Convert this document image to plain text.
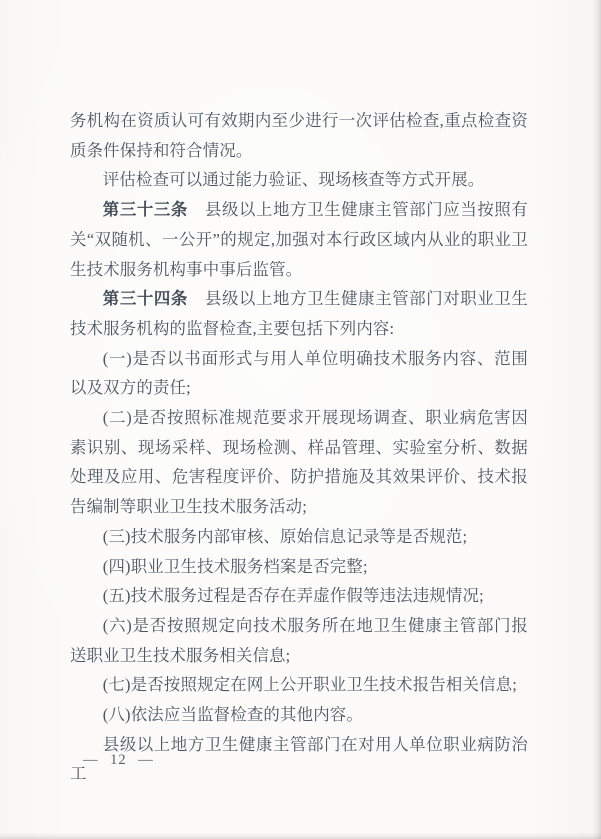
务机构在资质认可有效期内至少进行一次评估检查,重点检查资质条件保持和符合情况。

评估检查可以通过能力验证、现场核查等方式开展。

第三十三条　县级以上地方卫生健康主管部门应当按照有关“双随机、一公开”的规定,加强对本行政区域内从业的职业卫生技术服务机构事中事后监管。

第三十四条　县级以上地方卫生健康主管部门对职业卫生技术服务机构的监督检查,主要包括下列内容:

(一)是否以书面形式与用人单位明确技术服务内容、范围以及双方的责任;

(二)是否按照标准规范要求开展现场调查、职业病危害因素识别、现场采样、现场检测、样品管理、实验室分析、数据处理及应用、危害程度评价、防护措施及其效果评价、技术报告编制等职业卫生技术服务活动;

(三)技术服务内部审核、原始信息记录等是否规范;

(四)职业卫生技术服务档案是否完整;

(五)技术服务过程是否存在弄虚作假等违法违规情况;

(六)是否按照规定向技术服务所在地卫生健康主管部门报送职业卫生技术服务相关信息;

(七)是否按照规定在网上公开职业卫生技术报告相关信息;

(八)依法应当监督检查的其他内容。

县级以上地方卫生健康主管部门在对用人单位职业病防治工

— 12 —
